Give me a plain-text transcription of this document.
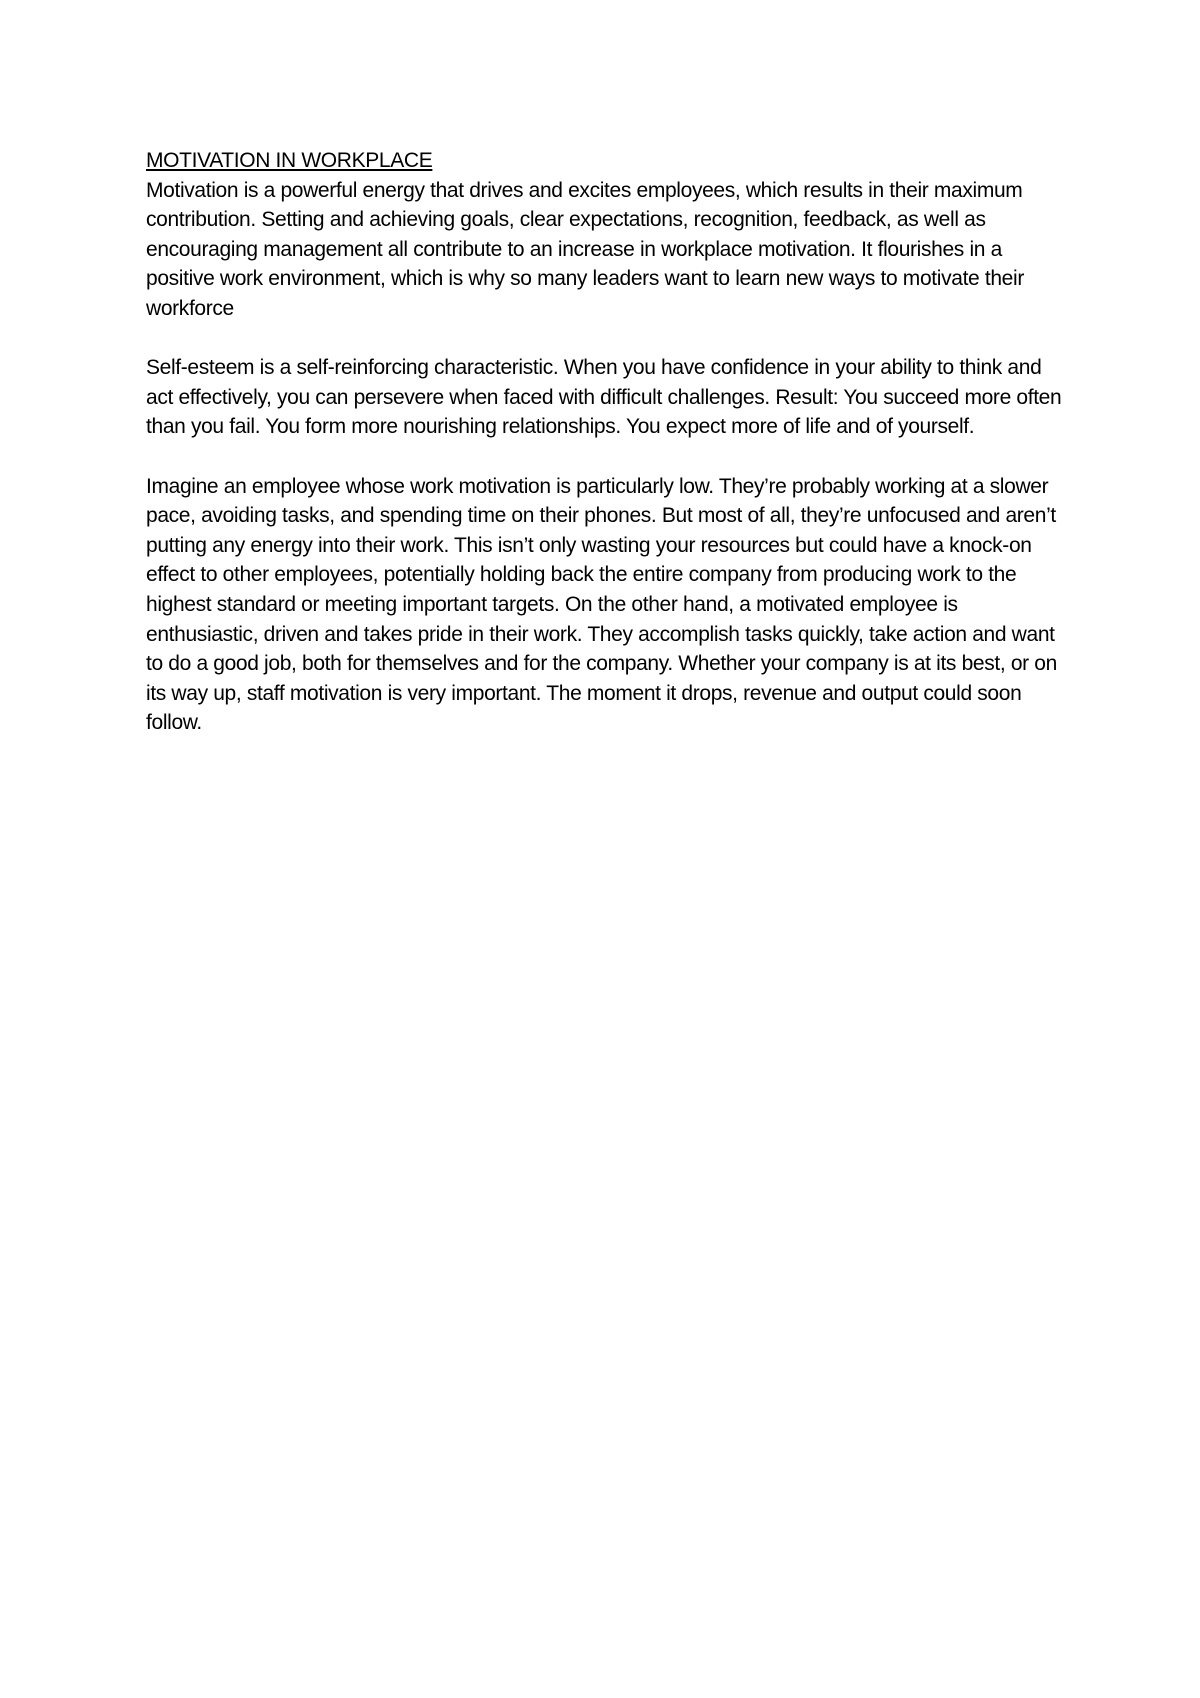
MOTIVATION IN WORKPLACE

Motivation is a powerful energy that drives and excites employees, which results in their maximum contribution. Setting and achieving goals, clear expectations, recognition, feedback, as well as encouraging management all contribute to an increase in workplace motivation. It flourishes in a positive work environment, which is why so many leaders want to learn new ways to motivate their workforce

Self-esteem is a self-reinforcing characteristic. When you have confidence in your ability to think and act effectively, you can persevere when faced with difficult challenges. Result: You succeed more often than you fail. You form more nourishing relationships. You expect more of life and of yourself.

Imagine an employee whose work motivation is particularly low. They’re probably working at a slower pace, avoiding tasks, and spending time on their phones. But most of all, they’re unfocused and aren’t putting any energy into their work. This isn’t only wasting your resources but could have a knock-on effect to other employees, potentially holding back the entire company from producing work to the highest standard or meeting important targets. On the other hand, a motivated employee is enthusiastic, driven and takes pride in their work. They accomplish tasks quickly, take action and want to do a good job, both for themselves and for the company. Whether your company is at its best, or on its way up, staff motivation is very important. The moment it drops, revenue and output could soon follow.
